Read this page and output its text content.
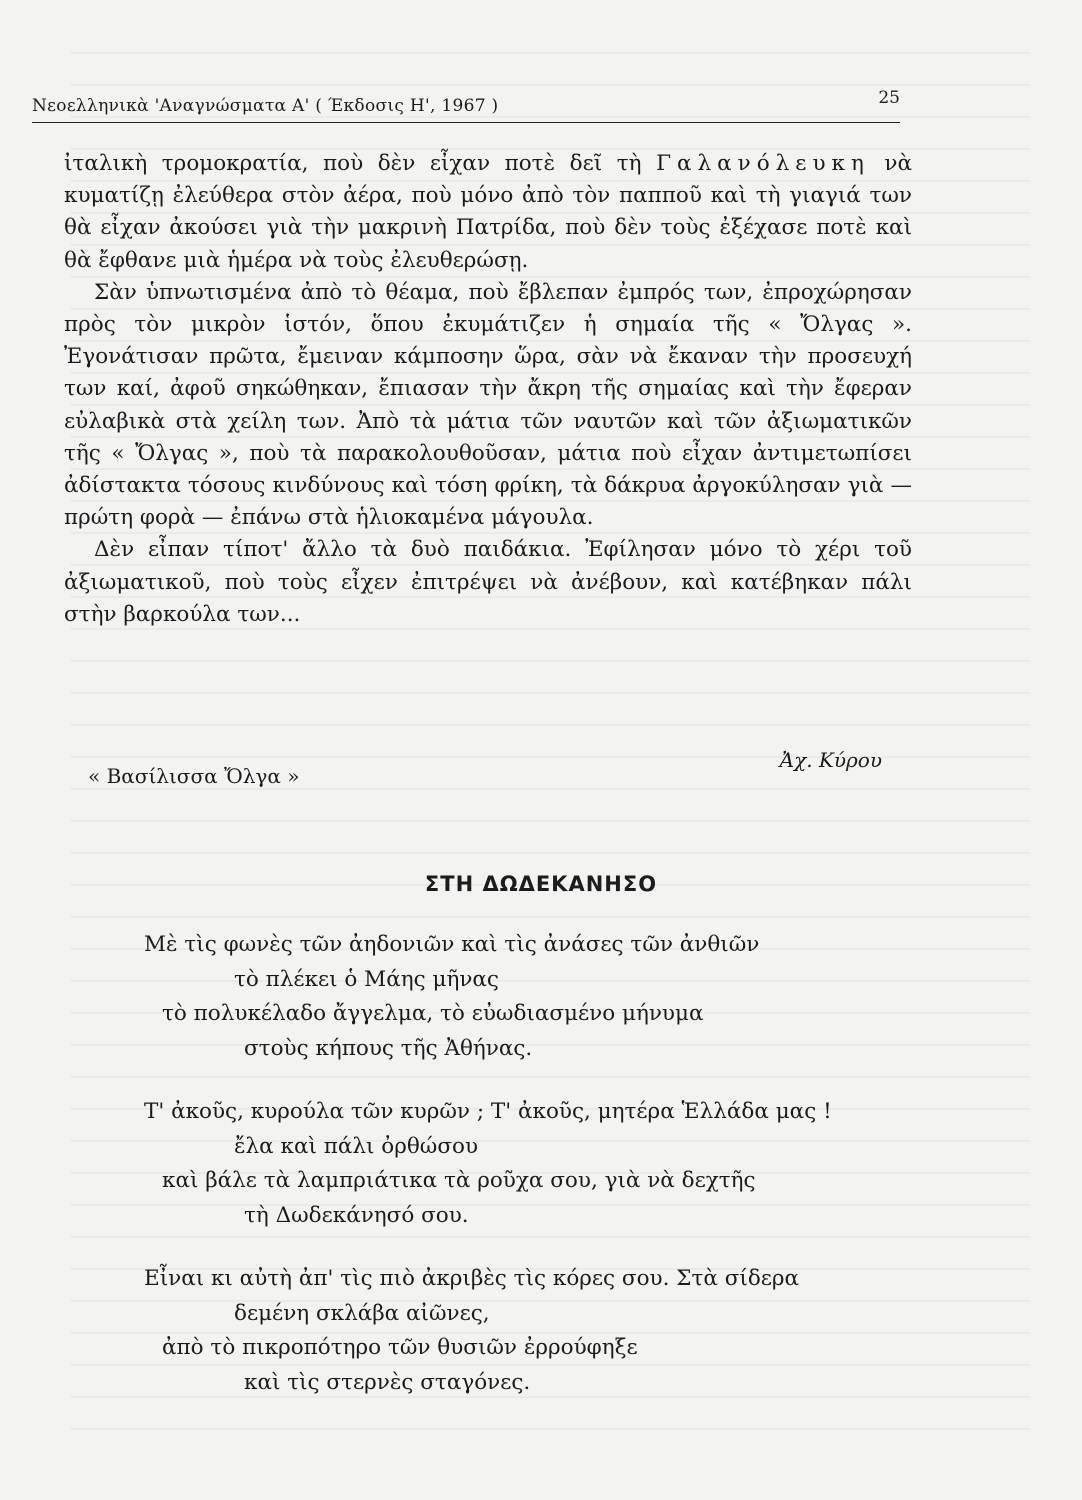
Νεοελληνικὰ 'Αναγνώσματα Α' ( Έκδοσις Η', 1967 )	25

ἰταλικὴ τρομοκρατία, ποὺ δὲν εἶχαν ποτὲ δεῖ τὴ Γαλανόλευκη νὰ κυματίζῃ ἐλεύθερα στὸν ἀέρα, ποὺ μόνο ἀπὸ τὸν παπποῦ καὶ τὴ γιαγιά των θὰ εἶχαν ἀκούσει γιὰ τὴν μακρινὴ Πατρίδα, ποὺ δὲν τοὺς ἐξέχασε ποτὲ καὶ θὰ ἔφθανε μιὰ ἡμέρα νὰ τοὺς ἐλευθερώσῃ.

Σὰν ὑπνωτισμένα ἀπὸ τὸ θέαμα, ποὺ ἔβλεπαν ἐμπρός των, ἐπροχώρησαν πρὸς τὸν μικρὸν ἱστόν, ὅπου ἐκυμάτιζεν ἡ σημαία τῆς « Ὄλγας ». Ἐγονάτισαν πρῶτα, ἔμειναν κάμποσην ὥρα, σὰν νὰ ἔκαναν τὴν προσευχή των καί, ἀφοῦ σηκώθηκαν, ἔπιασαν τὴν ἄκρη τῆς σημαίας καὶ τὴν ἔφεραν εὐλαβικὰ στὰ χείλη των. Ἀπὸ τὰ μάτια τῶν ναυτῶν καὶ τῶν ἀξιωματικῶν τῆς « Ὄλγας », ποὺ τὰ παρακολουθοῦσαν, μάτια ποὺ εἶχαν ἀντιμετωπίσει ἀδίστακτα τόσους κινδύνους καὶ τόση φρίκη, τὰ δάκρυα ἀργοκύλησαν γιὰ — πρώτη φορὰ — ἐπάνω στὰ ἡλιοκαμένα μάγουλα.

Δὲν εἶπαν τίποτ' ἄλλο τὰ δυὸ παιδάκια. Ἐφίλησαν μόνο τὸ χέρι τοῦ ἀξιωματικοῦ, ποὺ τοὺς εἶχεν ἐπιτρέψει νὰ ἀνέβουν, καὶ κατέβηκαν πάλι στὴν βαρκούλα των...

« Βασίλισσα Ὄλγα »
Ἀχ. Κύρου
ΣΤΗ ΔΩΔΕΚΑΝΗΣΟ
Μὲ τὶς φωνὲς τῶν ἀηδονιῶν καὶ τὶς ἀνάσες τῶν ἀνθιῶν
τὸ πλέκει ὁ Μάης μῆνας
τὸ πολυκέλαδο ἄγγελμα, τὸ εὐωδιασμένο μήνυμα
στοὺς κήπους τῆς Ἀθήνας.
Τ' ἀκοῦς, κυρούλα τῶν κυρῶν ; Τ' ἀκοῦς, μητέρα Ἑλλάδα μας !
ἔλα καὶ πάλι ὀρθώσου
καὶ βάλε τὰ λαμπριάτικα τὰ ροῦχα σου, γιὰ νὰ δεχτῆς
τὴ Δωδεκάνησό σου.
Εἶναι κι αὐτὴ ἀπ' τὶς πιὸ ἀκριβὲς τὶς κόρες σου. Στὰ σίδερα
δεμένη σκλάβα αἰῶνες,
ἀπὸ τὸ πικροπότηρο τῶν θυσιῶν ἐρρούφηξε
καὶ τὶς στερνὲς σταγόνες.
